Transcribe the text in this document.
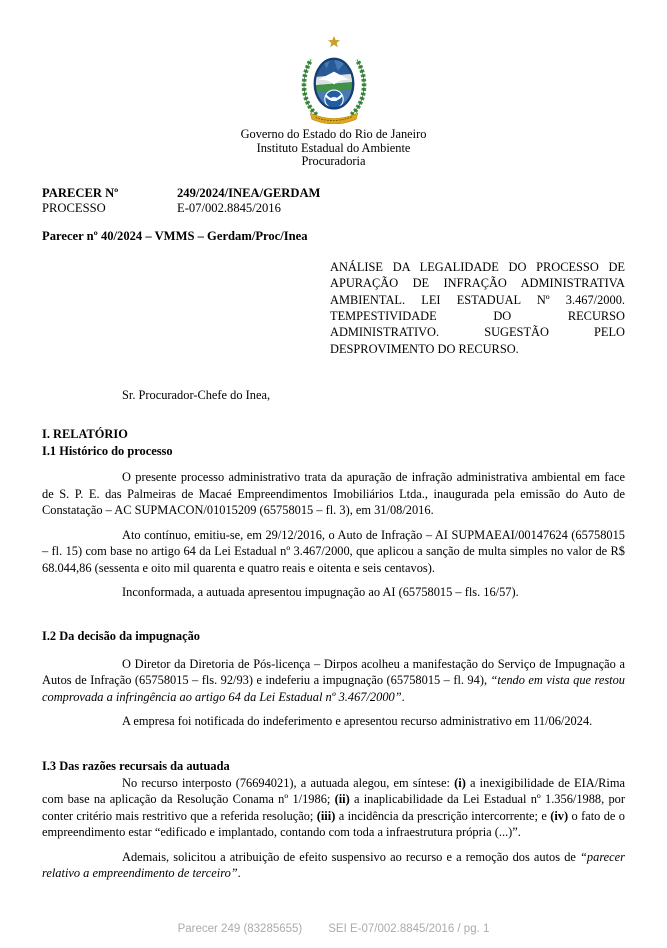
Governo do Estado do Rio de Janeiro
Instituto Estadual do Ambiente
Procuradoria
PARECER Nº	249/2024/INEA/GERDAM
PROCESSO	E-07/002.8845/2016
Parecer nº 40/2024 – VMMS – Gerdam/Proc/Inea
ANÁLISE DA LEGALIDADE DO PROCESSO DE APURAÇÃO DE INFRAÇÃO ADMINISTRATIVA AMBIENTAL. LEI ESTADUAL Nº 3.467/2000. TEMPESTIVIDADE DO RECURSO ADMINISTRATIVO. SUGESTÃO PELO DESPROVIMENTO DO RECURSO.
Sr. Procurador-Chefe do Inea,
I. RELATÓRIO
I.1 Histórico do processo

O presente processo administrativo trata da apuração de infração administrativa ambiental em face de S. P. E. das Palmeiras de Macaé Empreendimentos Imobiliários Ltda., inaugurada pela emissão do Auto de Constatação – AC SUPMACON/01015209 (65758015 – fl. 3), em 31/08/2016.

Ato contínuo, emitiu-se, em 29/12/2016, o Auto de Infração – AI SUPMAEAI/00147624 (65758015 – fl. 15) com base no artigo 64 da Lei Estadual nº 3.467/2000, que aplicou a sanção de multa simples no valor de R$ 68.044,86 (sessenta e oito mil quarenta e quatro reais e oitenta e seis centavos).

Inconformada, a autuada apresentou impugnação ao AI (65758015 – fls. 16/57).

I.2 Da decisão da impugnação

O Diretor da Diretoria de Pós-licença – Dirpos acolheu a manifestação do Serviço de Impugnação a Autos de Infração (65758015 – fls. 92/93) e indeferiu a impugnação (65758015 – fl. 94), “tendo em vista que restou comprovada a infringência ao artigo 64 da Lei Estadual nº 3.467/2000”.

A empresa foi notificada do indeferimento e apresentou recurso administrativo em 11/06/2024.

I.3 Das razões recursais da autuada

No recurso interposto (76694021), a autuada alegou, em síntese: (i) a inexigibilidade de EIA/Rima com base na aplicação da Resolução Conama nº 1/1986; (ii) a inaplicabilidade da Lei Estadual nº 1.356/1988, por conter critério mais restritivo que a referida resolução; (iii) a incidência da prescrição intercorrente; e (iv) o fato de o empreendimento estar “edificado e implantado, contando com toda a infraestrutura própria (...)”.

Ademais, solicitou a atribuição de efeito suspensivo ao recurso e a remoção dos autos de “parecer relativo a empreendimento de terceiro”.

Parecer 249 (83285655) SEI E-07/002.8845/2016 / pg. 1
